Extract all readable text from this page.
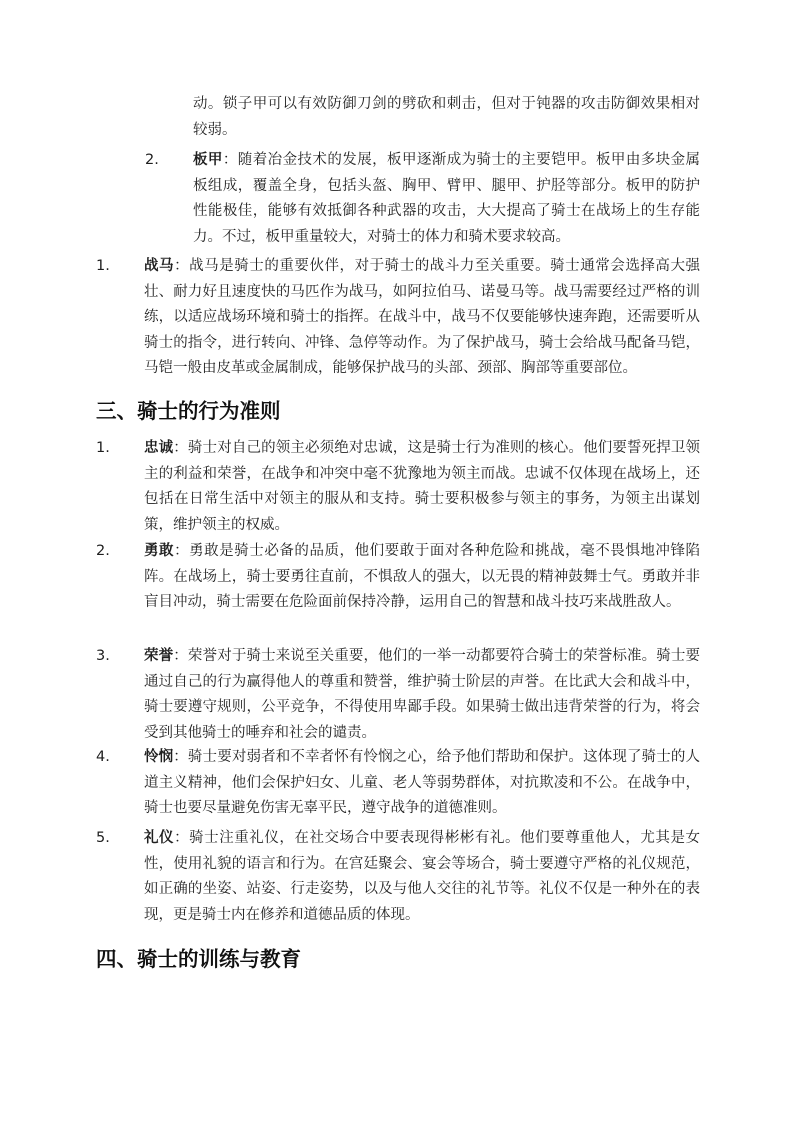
动。锁子甲可以有效防御刀剑的劈砍和刺击，但对于钝器的攻击防御效果相对较弱。
2. 板甲：随着冶金技术的发展，板甲逐渐成为骑士的主要铠甲。板甲由多块金属板组成，覆盖全身，包括头盔、胸甲、臂甲、腿甲、护胫等部分。板甲的防护性能极佳，能够有效抵御各种武器的攻击，大大提高了骑士在战场上的生存能力。不过，板甲重量较大，对骑士的体力和骑术要求较高。
1. 战马：战马是骑士的重要伙伴，对于骑士的战斗力至关重要。骑士通常会选择高大强壮、耐力好且速度快的马匹作为战马，如阿拉伯马、诺曼马等。战马需要经过严格的训练，以适应战场环境和骑士的指挥。在战斗中，战马不仅要能够快速奔跑，还需要听从骑士的指令，进行转向、冲锋、急停等动作。为了保护战马，骑士会给战马配备马铠，马铠一般由皮革或金属制成，能够保护战马的头部、颈部、胸部等重要部位。
三、骑士的行为准则
1. 忠诚：骑士对自己的领主必须绝对忠诚，这是骑士行为准则的核心。他们要誓死捍卫领主的利益和荣誉，在战争和冲突中毫不犹豫地为领主而战。忠诚不仅体现在战场上，还包括在日常生活中对领主的服从和支持。骑士要积极参与领主的事务，为领主出谋划策，维护领主的权威。
2. 勇敢：勇敢是骑士必备的品质，他们要敢于面对各种危险和挑战，毫不畏惧地冲锋陷阵。在战场上，骑士要勇往直前，不惧敌人的强大，以无畏的精神鼓舞士气。勇敢并非盲目冲动，骑士需要在危险面前保持冷静，运用自己的智慧和战斗技巧来战胜敌人。
3. 荣誉：荣誉对于骑士来说至关重要，他们的一举一动都要符合骑士的荣誉标准。骑士要通过自己的行为赢得他人的尊重和赞誉，维护骑士阶层的声誉。在比武大会和战斗中，骑士要遵守规则，公平竞争，不得使用卑鄙手段。如果骑士做出违背荣誉的行为，将会受到其他骑士的唾弃和社会的谴责。
4. 怜悯：骑士要对弱者和不幸者怀有怜悯之心，给予他们帮助和保护。这体现了骑士的人道主义精神，他们会保护妇女、儿童、老人等弱势群体，对抗欺凌和不公。在战争中，骑士也要尽量避免伤害无辜平民，遵守战争的道德准则。
5. 礼仪：骑士注重礼仪，在社交场合中要表现得彬彬有礼。他们要尊重他人，尤其是女性，使用礼貌的语言和行为。在宫廷聚会、宴会等场合，骑士要遵守严格的礼仪规范，如正确的坐姿、站姿、行走姿势，以及与他人交往的礼节等。礼仪不仅是一种外在的表现，更是骑士内在修养和道德品质的体现。
四、骑士的训练与教育
